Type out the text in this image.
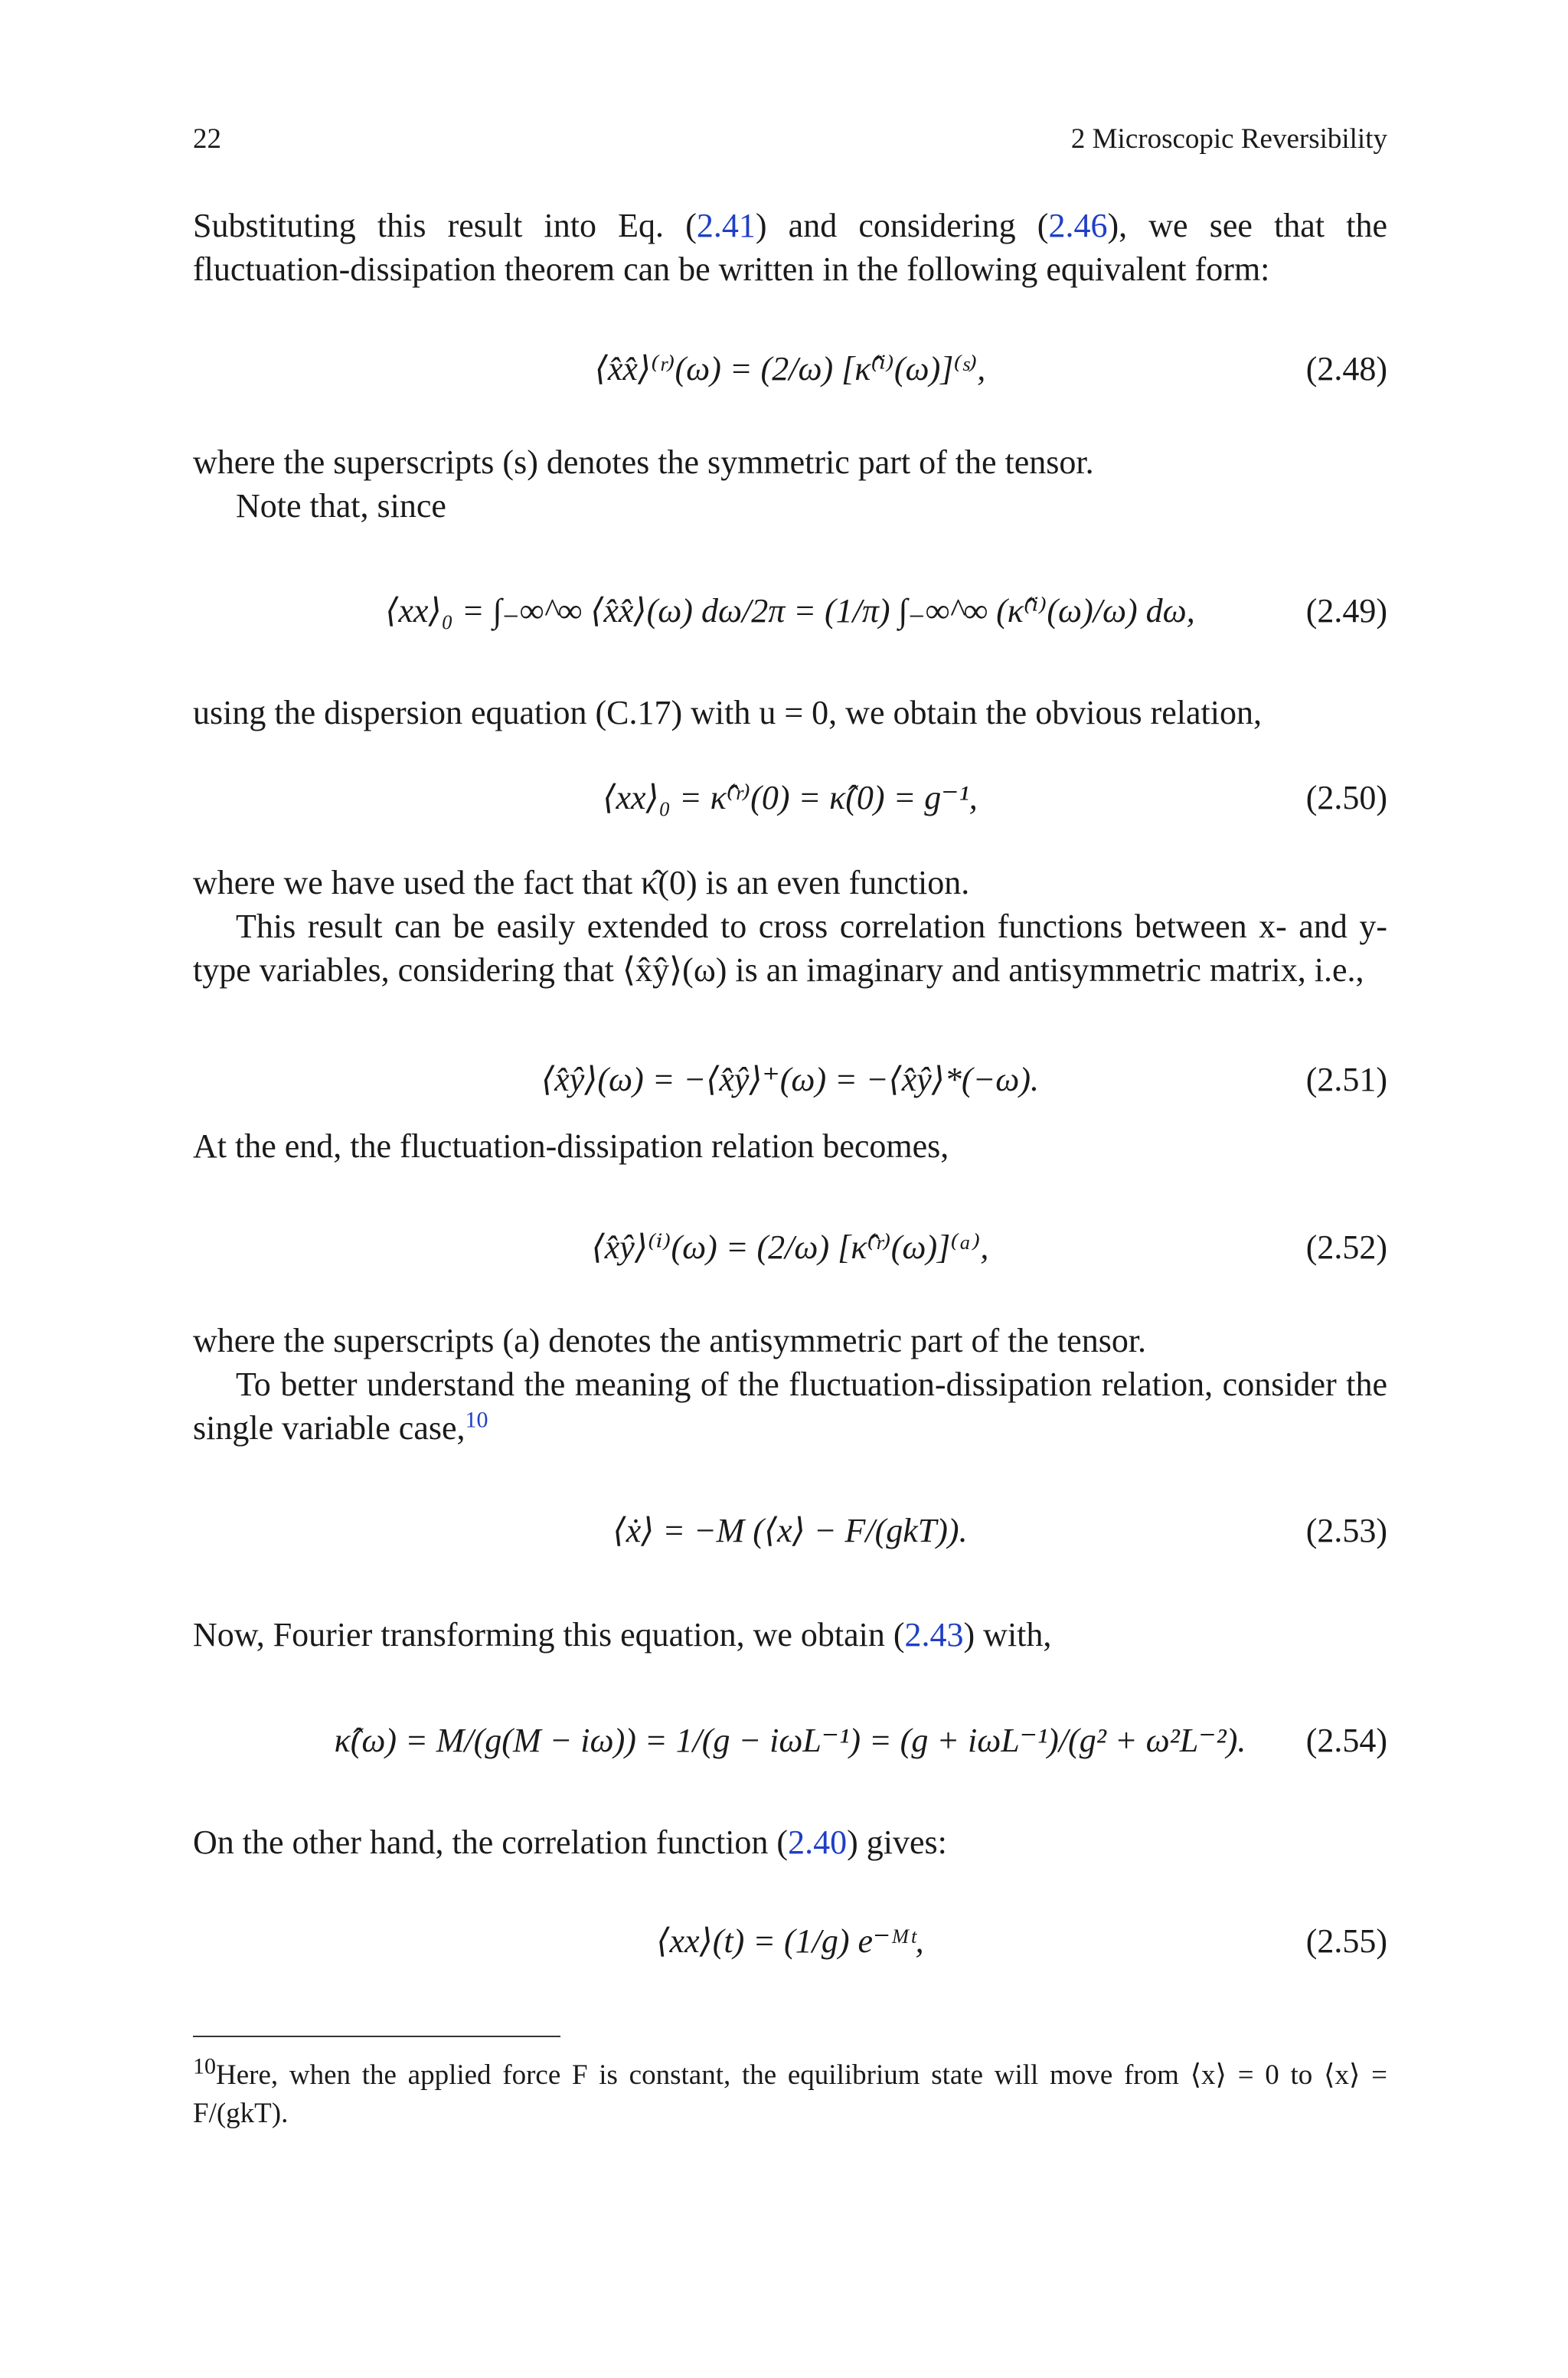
22	2 Microscopic Reversibility
Substituting this result into Eq. (2.41) and considering (2.46), we see that the fluctuation-dissipation theorem can be written in the following equivalent form:
⟨x̂x̂⟩⁽ʳ⁾(ω) = (2/ω) [κ̂⁽ⁱ⁾(ω)]⁽ˢ⁾,	(2.48)
where the superscripts (s) denotes the symmetric part of the tensor.
Note that, since
⟨xx⟩₀ = ∫₋∞^∞ ⟨x̂x̂⟩(ω) dω/2π = (1/π) ∫₋∞^∞ (κ̂⁽ⁱ⁾(ω)/ω) dω,	(2.49)
using the dispersion equation (C.17) with u = 0, we obtain the obvious relation,
⟨xx⟩₀ = κ̂⁽ʳ⁾(0) = κ̂(0) = g⁻¹,	(2.50)
where we have used the fact that κ̂(0) is an even function.
This result can be easily extended to cross correlation functions between x- and y-type variables, considering that ⟨x̂ŷ⟩(ω) is an imaginary and antisymmetric matrix, i.e.,
⟨x̂ŷ⟩(ω) = −⟨x̂ŷ⟩⁺(ω) = −⟨x̂ŷ⟩*(−ω).	(2.51)
At the end, the fluctuation-dissipation relation becomes,
⟨x̂ŷ⟩⁽ⁱ⁾(ω) = (2/ω) [κ̂⁽ʳ⁾(ω)]⁽ᵃ⁾,	(2.52)
where the superscripts (a) denotes the antisymmetric part of the tensor.
To better understand the meaning of the fluctuation-dissipation relation, consider the single variable case,$^{10}$
⟨ẋ⟩ = −M (⟨x⟩ − F/(gkT)).	(2.53)
Now, Fourier transforming this equation, we obtain (2.43) with,
κ̂(ω) = M/(g(M − iω)) = 1/(g − iωL⁻¹) = (g + iωL⁻¹)/(g² + ω²L⁻²).	(2.54)
On the other hand, the correlation function (2.40) gives:
⟨xx⟩(t) = (1/g) e⁻ᴹᵗ,	(2.55)
$^{10}$Here, when the applied force F is constant, the equilibrium state will move from ⟨x⟩ = 0 to ⟨x⟩ = F/(gkT).
